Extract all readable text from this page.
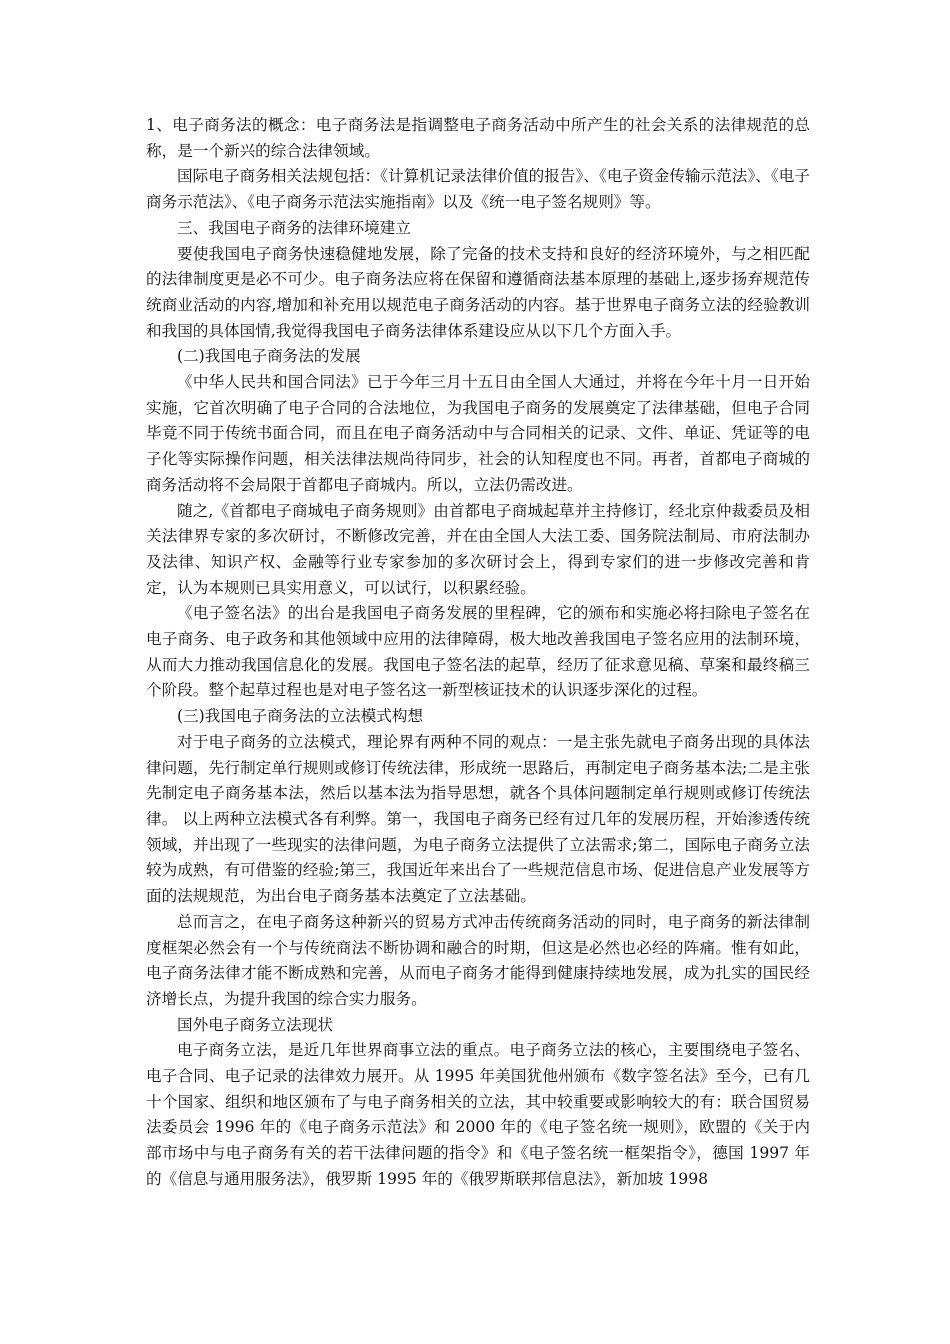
1、电子商务法的概念：电子商务法是指调整电子商务活动中所产生的社会关系的法律规范的总称，是一个新兴的综合法律领域。

国际电子商务相关法规包括：《计算机记录法律价值的报告》、《电子资金传输示范法》、《电子商务示范法》、《电子商务示范法实施指南》以及《统一电子签名规则》等。

三、我国电子商务的法律环境建立

要使我国电子商务快速稳健地发展，除了完备的技术支持和良好的经济环境外，与之相匹配的法律制度更是必不可少。电子商务法应将在保留和遵循商法基本原理的基础上,逐步扬弃规范传统商业活动的内容,增加和补充用以规范电子商务活动的内容。基于世界电子商务立法的经验教训和我国的具体国情,我觉得我国电子商务法律体系建设应从以下几个方面入手。

(二)我国电子商务法的发展

《中华人民共和国合同法》已于今年三月十五日由全国人大通过，并将在今年十月一日开始实施，它首次明确了电子合同的合法地位，为我国电子商务的发展奠定了法律基础，但电子合同毕竟不同于传统书面合同，而且在电子商务活动中与合同相关的记录、文件、单证、凭证等的电子化等实际操作问题，相关法律法规尚待同步，社会的认知程度也不同。再者，首都电子商城的商务活动将不会局限于首都电子商城内。所以，立法仍需改进。

随之,《首都电子商城电子商务规则》由首都电子商城起草并主持修订，经北京仲裁委员及相关法律界专家的多次研讨，不断修改完善，并在由全国人大法工委、国务院法制局、市府法制办及法律、知识产权、金融等行业专家参加的多次研讨会上，得到专家们的进一步修改完善和肯定，认为本规则已具实用意义，可以试行，以积累经验。

《电子签名法》的出台是我国电子商务发展的里程碑，它的颁布和实施必将扫除电子签名在电子商务、电子政务和其他领域中应用的法律障碍，极大地改善我国电子签名应用的法制环境，从而大力推动我国信息化的发展。我国电子签名法的起草，经历了征求意见稿、草案和最终稿三个阶段。整个起草过程也是对电子签名这一新型核证技术的认识逐步深化的过程。

(三)我国电子商务法的立法模式构想

对于电子商务的立法模式，理论界有两种不同的观点：一是主张先就电子商务出现的具体法律问题，先行制定单行规则或修订传统法律，形成统一思路后，再制定电子商务基本法;二是主张先制定电子商务基本法，然后以基本法为指导思想，就各个具体问题制定单行规则或修订传统法律。 以上两种立法模式各有利弊。第一，我国电子商务已经有过几年的发展历程，开始渗透传统领域，并出现了一些现实的法律问题，为电子商务立法提供了立法需求;第二，国际电子商务立法较为成熟，有可借鉴的经验;第三，我国近年来出台了一些规范信息市场、促进信息产业发展等方面的法规规范，为出台电子商务基本法奠定了立法基础。

总而言之，在电子商务这种新兴的贸易方式冲击传统商务活动的同时，电子商务的新法律制度框架必然会有一个与传统商法不断协调和融合的时期，但这是必然也必经的阵痛。惟有如此，电子商务法律才能不断成熟和完善，从而电子商务才能得到健康持续地发展，成为扎实的国民经济增长点，为提升我国的综合实力服务。

国外电子商务立法现状

电子商务立法，是近几年世界商事立法的重点。电子商务立法的核心，主要围绕电子签名、电子合同、电子记录的法律效力展开。从 1995 年美国犹他州颁布《数字签名法》至今，已有几十个国家、组织和地区颁布了与电子商务相关的立法，其中较重要或影响较大的有：联合国贸易法委员会 1996 年的《电子商务示范法》和 2000 年的《电子签名统一规则》，欧盟的《关于内部市场中与电子商务有关的若干法律问题的指令》和《电子签名统一框架指令》，德国 1997 年的《信息与通用服务法》，俄罗斯 1995 年的《俄罗斯联邦信息法》，新加坡 1998
